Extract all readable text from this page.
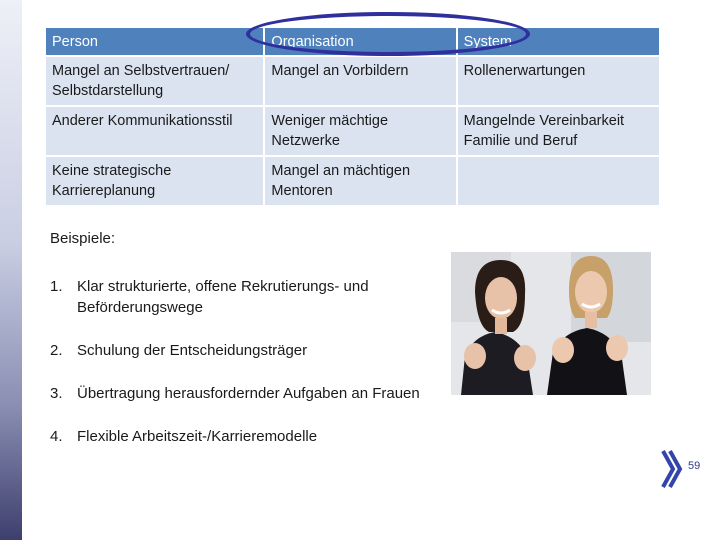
Person	Organisation	System
Mangel an Selbstvertrauen/ Selbstdarstellung	Mangel an Vorbildern	Rollenerwartungen
Anderer Kommunikationsstil	Weniger mächtige Netzwerke	Mangelnde Vereinbarkeit Familie und Beruf
Keine strategische Karriereplanung	Mangel an mächtigen Mentoren	
Beispiele:
1. Klar strukturierte, offene Rekrutierungs- und Beförderungswege
2. Schulung der Entscheidungsträger
3. Übertragung herausfordernder Aufgaben an Frauen
4. Flexible Arbeitszeit-/Karrieremodelle
59
